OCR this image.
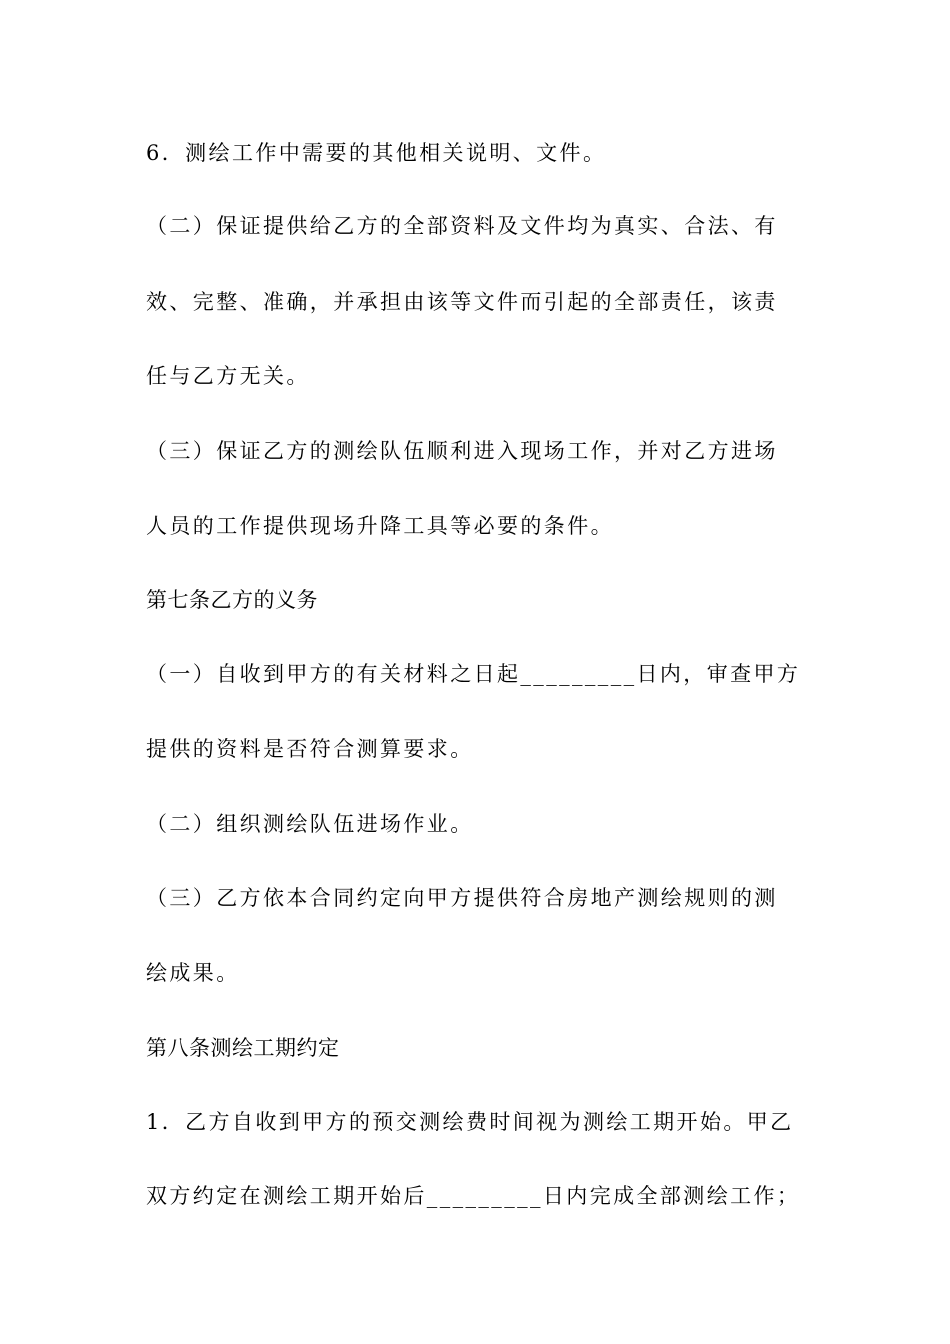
6．测绘工作中需要的其他相关说明、文件。
（二）保证提供给乙方的全部资料及文件均为真实、合法、有
效、完整、准确，并承担由该等文件而引起的全部责任，该责
任与乙方无关。
（三）保证乙方的测绘队伍顺利进入现场工作，并对乙方进场
人员的工作提供现场升降工具等必要的条件。
第七条乙方的义务
（一）自收到甲方的有关材料之日起_________日内，审查甲方
提供的资料是否符合测算要求。
（二）组织测绘队伍进场作业。
（三）乙方依本合同约定向甲方提供符合房地产测绘规则的测
绘成果。
第八条测绘工期约定
1．乙方自收到甲方的预交测绘费时间视为测绘工期开始。甲乙
双方约定在测绘工期开始后_________日内完成全部测绘工作；
